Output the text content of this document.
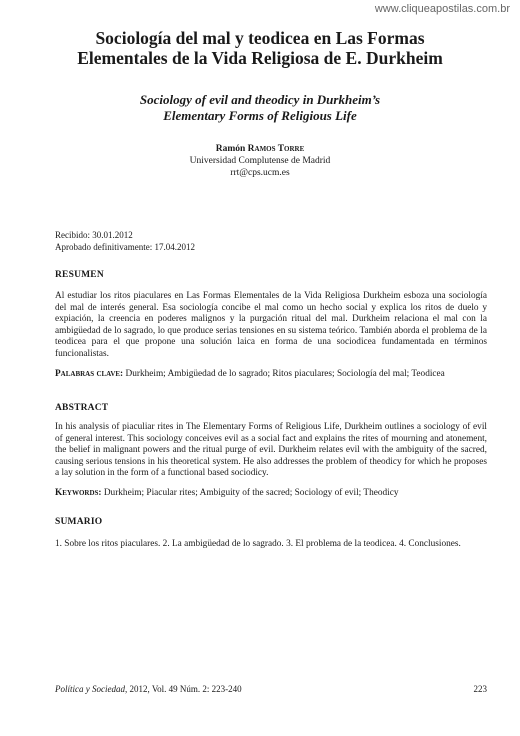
www.cliqueapostilas.com.br
Sociología del mal y teodicea en Las Formas
Elementales de la Vida Religiosa de E. Durkheim
Sociology of evil and theodicy in Durkheim’s
Elementary Forms of Religious Life
Ramón Ramos Torre
Universidad Complutense de Madrid
rrt@cps.ucm.es
Recibido: 30.01.2012
Aprobado definitivamente: 17.04.2012
RESUMEN
Al estudiar los ritos piaculares en Las Formas Elementales de la Vida Religiosa Durkheim esboza una sociología del mal de interés general. Esa sociología concibe el mal como un hecho social y explica los ritos de duelo y expiación, la creencia en poderes malignos y la purgación ritual del mal. Durkheim relaciona el mal con la ambigüedad de lo sagrado, lo que produce serias tensiones en su sistema teórico. También aborda el problema de la teodicea para el que propone una solución laica en forma de una sociodicea fundamentada en términos funcionalistas.
Palabras clave: Durkheim; Ambigüedad de lo sagrado; Ritos piaculares; Sociología del mal; Teodicea
ABSTRACT
In his analysis of piaculiar rites in The Elementary Forms of Religious Life, Durkheim outlines a sociology of evil of general interest. This sociology conceives evil as a social fact and explains the rites of mourning and atonement, the belief in malignant powers and the ritual purge of evil. Durkheim relates evil with the ambiguity of the sacred, causing serious tensions in his theoretical system. He also addresses the problem of theodicy for which he proposes a lay solution in the form of a functional based sociodicy.
Keywords: Durkheim; Piacular rites; Ambiguity of the sacred; Sociology of evil; Theodicy
SUMARIO
1. Sobre los ritos piaculares. 2. La ambigüedad de lo sagrado. 3. El problema de la teodicea. 4. Conclusiones.
Política y Sociedad, 2012, Vol. 49 Núm. 2: 223-240	223
